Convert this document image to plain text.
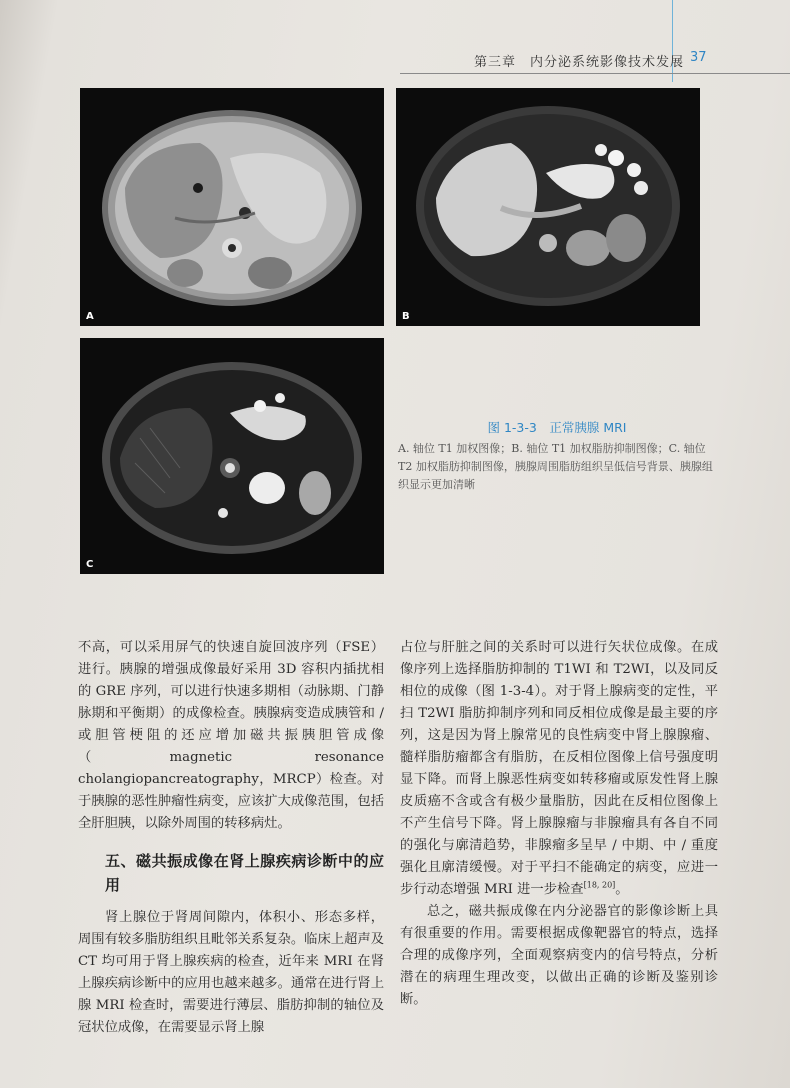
第三章　内分泌系统影像技术发展 37
A	B
C
图 1-3-3　正常胰腺 MRI
A. 轴位 T1 加权图像；B. 轴位 T1 加权脂肪抑制图像；C. 轴位 T2 加权脂肪抑制图像，胰腺周围脂肪组织呈低信号背景、胰腺组织显示更加清晰

不高，可以采用屏气的快速自旋回波序列（FSE）进行。胰腺的增强成像最好采用 3D 容积内插扰相的 GRE 序列，可以进行快速多期相（动脉期、门静脉期和平衡期）的成像检查。胰腺病变造成胰管和 / 或胆管梗阻的还应增加磁共振胰胆管成像（magnetic resonance cholangiopancreatography，MRCP）检查。对于胰腺的恶性肿瘤性病变，应该扩大成像范围，包括全肝胆胰，以除外周围的转移病灶。

五、磁共振成像在肾上腺疾病诊断中的应用

肾上腺位于肾周间隙内，体积小、形态多样，周围有较多脂肪组织且毗邻关系复杂。临床上超声及 CT 均可用于肾上腺疾病的检查，近年来 MRI 在肾上腺疾病诊断中的应用也越来越多。通常在进行肾上腺 MRI 检查时，需要进行薄层、脂肪抑制的轴位及冠状位成像，在需要显示肾上腺

占位与肝脏之间的关系时可以进行矢状位成像。在成像序列上选择脂肪抑制的 T1WI 和 T2WI，以及同反相位的成像（图 1-3-4）。对于肾上腺病变的定性，平扫 T2WI 脂肪抑制序列和同反相位成像是最主要的序列，这是因为肾上腺常见的良性病变中肾上腺腺瘤、髓样脂肪瘤都含有脂肪，在反相位图像上信号强度明显下降。而肾上腺恶性病变如转移瘤或原发性肾上腺皮质癌不含或含有极少量脂肪，因此在反相位图像上不产生信号下降。肾上腺腺瘤与非腺瘤具有各自不同的强化与廓清趋势，非腺瘤多呈早 / 中期、中 / 重度强化且廓清缓慢。对于平扫不能确定的病变，应进一步行动态增强 MRI 进一步检查[18, 20]。

总之，磁共振成像在内分泌器官的影像诊断上具有很重要的作用。需要根据成像靶器官的特点，选择合理的成像序列，全面观察病变内的信号特点，分析潜在的病理生理改变，以做出正确的诊断及鉴别诊断。
